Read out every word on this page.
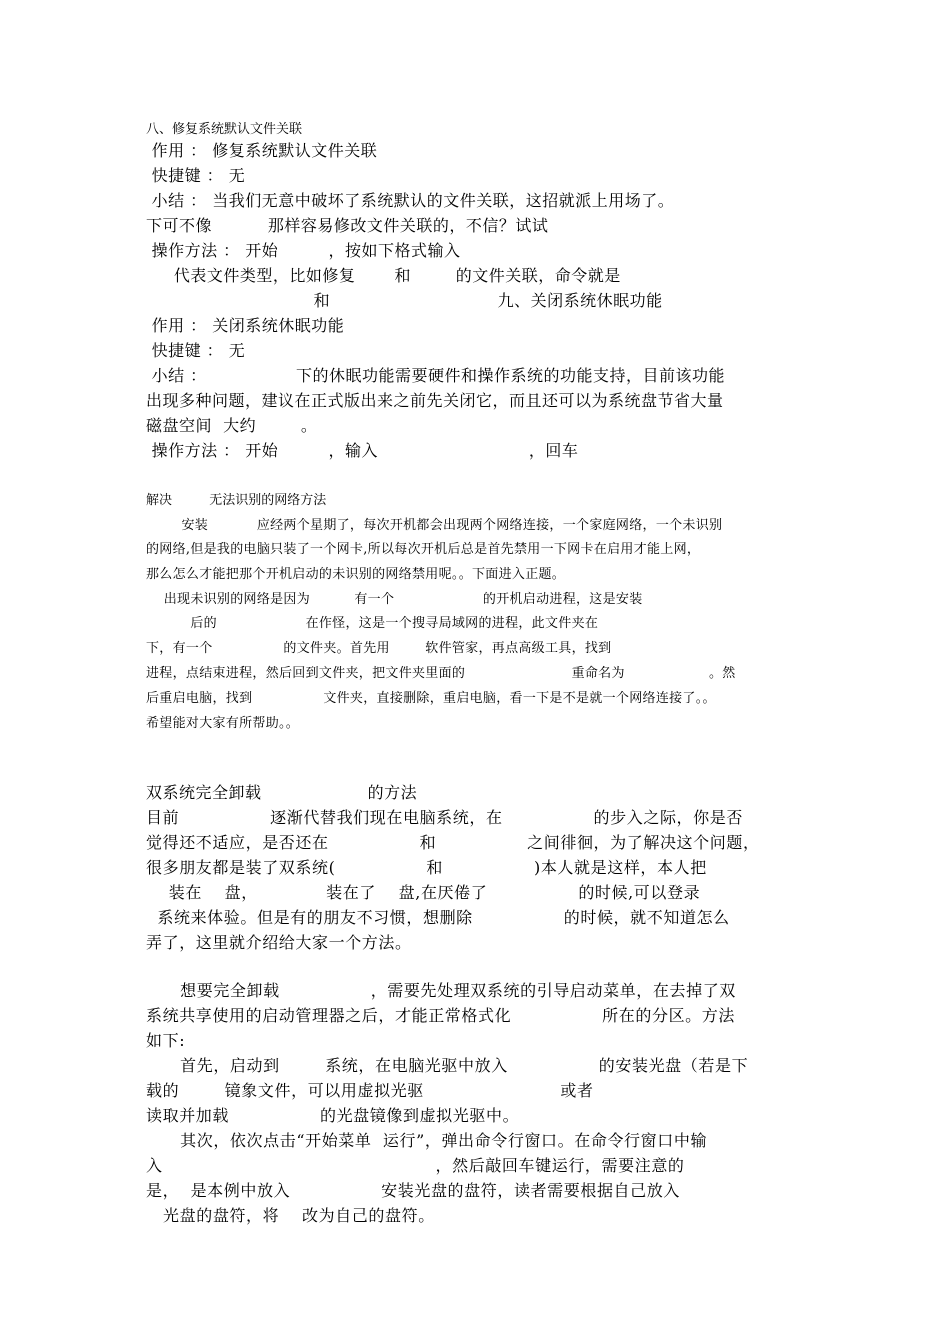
八、修复系统默认文件关联
作用 ： 修复系统默认文件关联
快捷键 ： 无
小结 ： 当我们无意中破坏了系统默认的文件关联，这招就派上用场了。
下可不像          那样容易修改文件关联的，不信？试试
操作方法 ： 开始         ，按如下格式输入
代表文件类型，比如修复       和        的文件关联，命令就是
和                              九、关闭系统休眠功能
作用 ： 关闭系统休眠功能
快捷键 ： 无
小结 ：                下的休眠功能需要硬件和操作系统的功能支持，目前该功能
出现多种问题，建议在正式版出来之前先关闭它，而且还可以为系统盘节省大量
磁盘空间  大约        。
操作方法 ： 开始         ，输入                           ，回车
解决         无法识别的网络方法
安装           应经两个星期了，每次开机都会出现两个网络连接，一个家庭网络，一个未识别
的网络,但是我的电脑只装了一个网卡,所以每次开机后总是首先禁用一下网卡在启用才能上网，
那么怎么才能把那个开机启动的未识别的网络禁用呢。。下面进入正题。
出现未识别的网络是因为          有一个                    的开机启动进程，这是安装
后的                    在作怪，这是一个搜寻局域网的进程，此文件夹在
下，有一个                的文件夹。首先用        软件管家，再点高级工具，找到
进程，点结束进程，然后回到文件夹，把文件夹里面的                        重命名为                   。然
后重启电脑，找到                文件夹，直接删除，重启电脑，看一下是不是就一个网络连接了。。
希望能对大家有所帮助。。
双系统完全卸载                   的方法
目前                逐渐代替我们现在电脑系统，在                的步入之际，你是否
觉得还不适应，是否还在                和                之间徘徊，为了解决这个问题，
很多朋友都是装了双系统(                和                )本人就是这样，本人把
装在    盘，            装在了    盘,在厌倦了                的时候,可以登录
系统来体验。但是有的朋友不习惯，想删除                的时候，就不知道怎么
弄了，这里就介绍给大家一个方法。
想要完全卸载                ，需要先处理双系统的引导启动菜单，在去掉了双
系统共享使用的启动管理器之后，才能正常格式化                所在的分区。方法
如下:
首先，启动到        系统，在电脑光驱中放入                的安装光盘（若是下
载的        镜象文件，可以用虚拟光驱                        或者
读取并加载                的光盘镜像到虚拟光驱中。
其次，依次点击“开始菜单  运行”，弹出命令行窗口。在命令行窗口中输
入                                                ，然后敲回车键运行，需要注意的
是，  是本例中放入                安装光盘的盘符，读者需要根据自己放入
光盘的盘符，将    改为自己的盘符。
